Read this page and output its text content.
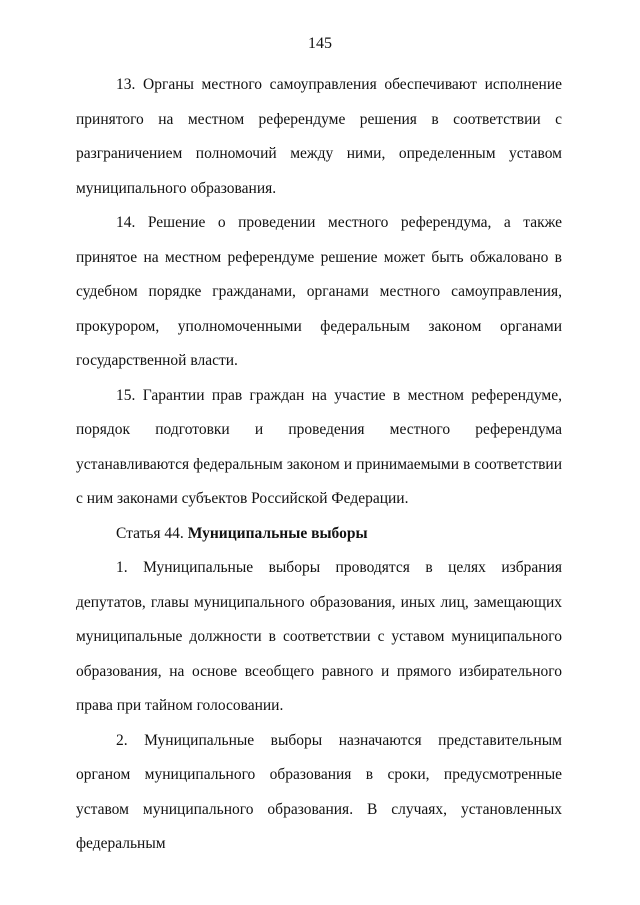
145

13. Органы местного самоуправления обеспечивают исполнение принятого на местном референдуме решения в соответствии с разграничением полномочий между ними, определенным уставом муниципального образования.

14. Решение о проведении местного референдума, а также принятое на местном референдуме решение может быть обжаловано в судебном порядке гражданами, органами местного самоуправления, прокурором, уполномоченными федеральным законом органами государственной власти.

15. Гарантии прав граждан на участие в местном референдуме, порядок подготовки и проведения местного референдума устанавливаются федеральным законом и принимаемыми в соответствии с ним законами субъектов Российской Федерации.

Статья 44. Муниципальные выборы

1. Муниципальные выборы проводятся в целях избрания депутатов, главы муниципального образования, иных лиц, замещающих муниципальные должности в соответствии с уставом муниципального образования, на основе всеобщего равного и прямого избирательного права при тайном голосовании.

2. Муниципальные выборы назначаются представительным органом муниципального образования в сроки, предусмотренные уставом муниципального образования. В случаях, установленных федеральным
